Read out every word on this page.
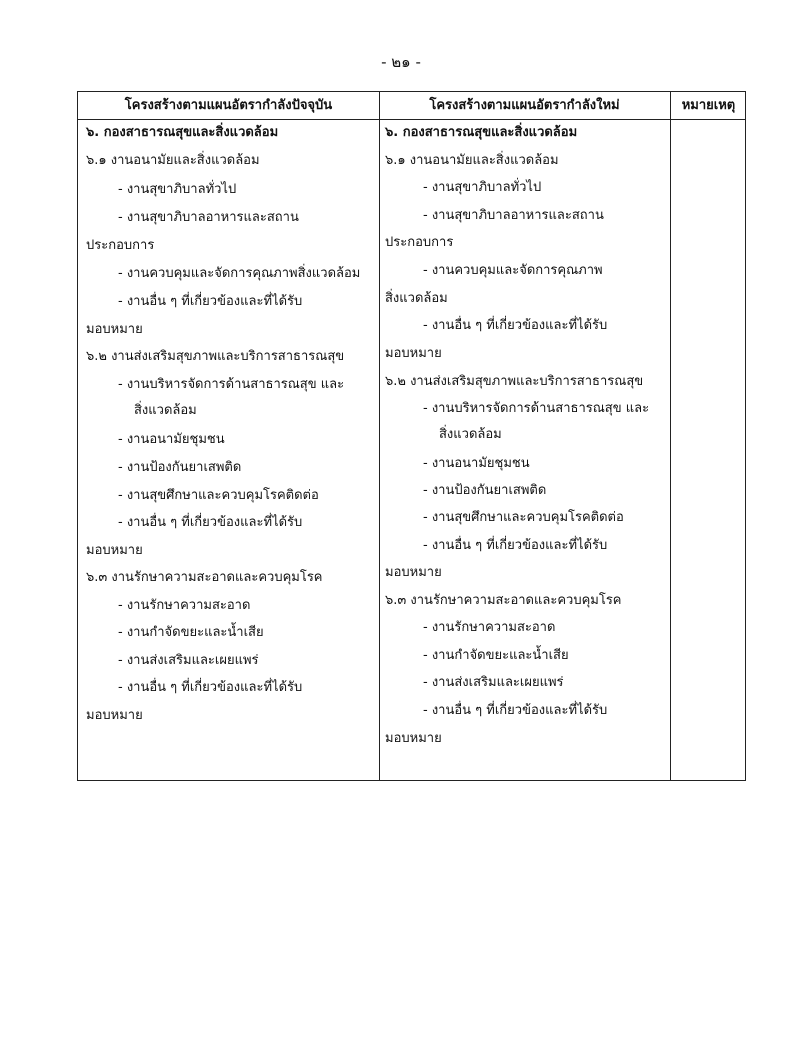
- ๒๑ -
โครงสร้างตามแผนอัตรากำลังปัจจุบัน	โครงสร้างตามแผนอัตรากำลังใหม่	หมายเหตุ
๖. กองสาธารณสุขและสิ่งแวดล้อม
๖.๑ งานอนามัยและสิ่งแวดล้อม
- งานสุขาภิบาลทั่วไป
- งานสุขาภิบาลอาหารและสถาน
ประกอบการ
- งานควบคุมและจัดการคุณภาพสิ่งแวดล้อม
- งานอื่น ๆ ที่เกี่ยวข้องและที่ได้รับ
มอบหมาย
๖.๒ งานส่งเสริมสุขภาพและบริการสาธารณสุข
- งานบริหารจัดการด้านสาธารณสุข และ
สิ่งแวดล้อม
- งานอนามัยชุมชน
- งานป้องกันยาเสพติด
- งานสุขศึกษาและควบคุมโรคติดต่อ
- งานอื่น ๆ ที่เกี่ยวข้องและที่ได้รับ
มอบหมาย
๖.๓ งานรักษาความสะอาดและควบคุมโรค
- งานรักษาความสะอาด
- งานกำจัดขยะและน้ำเสีย
- งานส่งเสริมและเผยแพร่
- งานอื่น ๆ ที่เกี่ยวข้องและที่ได้รับ
มอบหมาย
๖. กองสาธารณสุขและสิ่งแวดล้อม
๖.๑ งานอนามัยและสิ่งแวดล้อม
- งานสุขาภิบาลทั่วไป
- งานสุขาภิบาลอาหารและสถาน
ประกอบการ
- งานควบคุมและจัดการคุณภาพ
สิ่งแวดล้อม
- งานอื่น ๆ ที่เกี่ยวข้องและที่ได้รับ
มอบหมาย
๖.๒ งานส่งเสริมสุขภาพและบริการสาธารณสุข
- งานบริหารจัดการด้านสาธารณสุข และ
สิ่งแวดล้อม
- งานอนามัยชุมชน
- งานป้องกันยาเสพติด
- งานสุขศึกษาและควบคุมโรคติดต่อ
- งานอื่น ๆ ที่เกี่ยวข้องและที่ได้รับ
มอบหมาย
๖.๓ งานรักษาความสะอาดและควบคุมโรค
- งานรักษาความสะอาด
- งานกำจัดขยะและน้ำเสีย
- งานส่งเสริมและเผยแพร่
- งานอื่น ๆ ที่เกี่ยวข้องและที่ได้รับ
มอบหมาย
